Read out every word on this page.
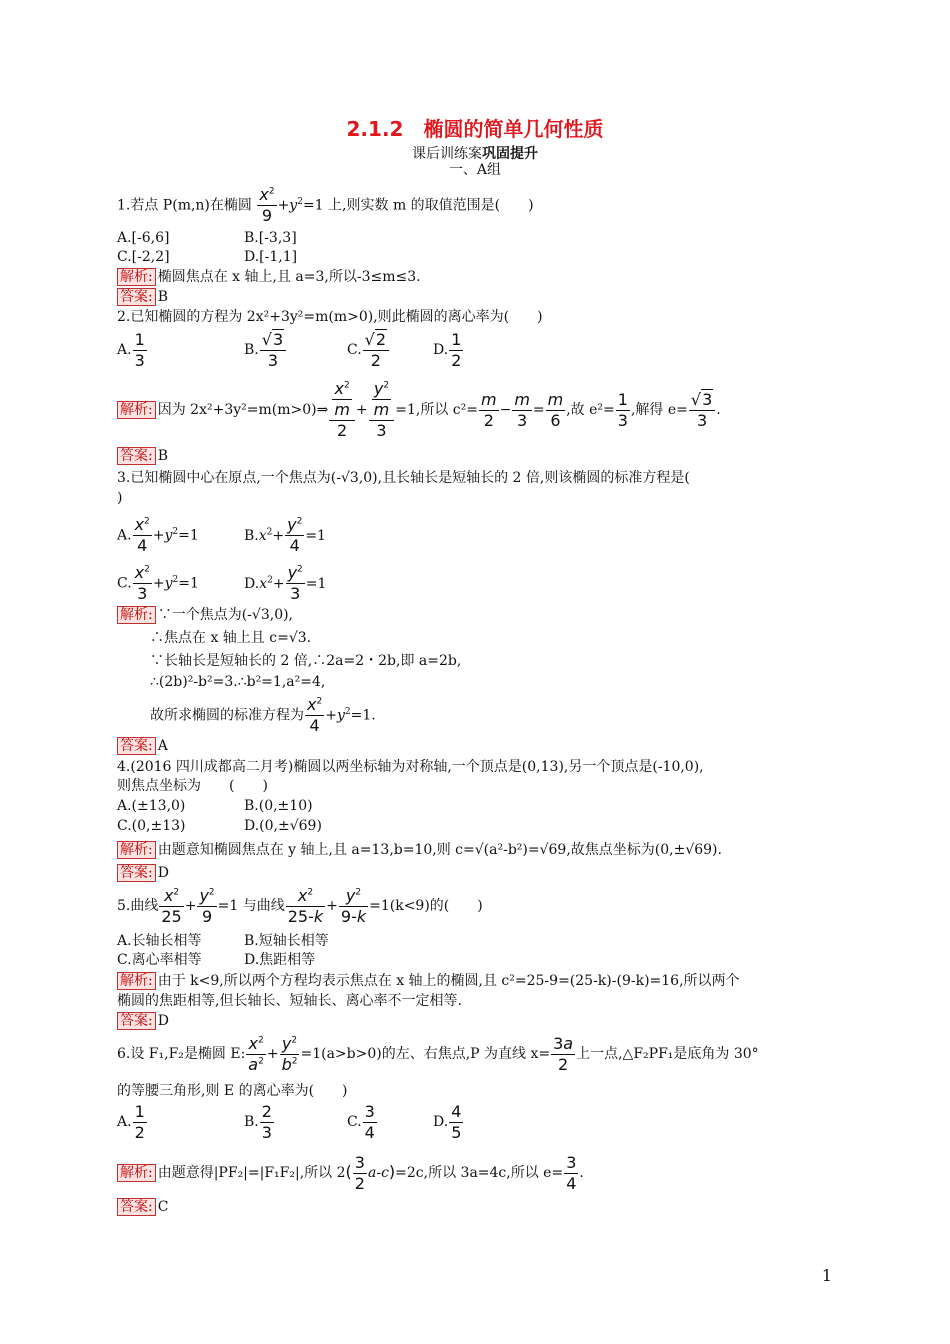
2.1.2　椭圆的简单几何性质
课后训练案巩固提升
一、A组
1.若点 P(m,n)在椭圆 $\frac{x^2}{9} +y^2=1$ 上,则实数 m 的取值范围是(　　)
A.[-6,6]	B.[-3,3]
C.[-2,2]	D.[-1,1]
解析: 椭圆焦点在 x 轴上,且 a=3,所以-3≤m≤3.
答案: B
2.已知椭圆的方程为 2x²+3y²=m(m>0),则此椭圆的离心率为(　　)
A. $\frac{1}{3}$	B. $\frac{√3}{3}$	C. $\frac{√2}{2}$	D. $\frac{1}{2}$
解析: 因为 2x²+3y²=m(m>0)⇒ $\frac{\frac{x^2}{m}}{2} + \frac{\frac{y^2}{m}}{3} =1$,所以 $c^2= \frac{m}{2} - \frac{m}{3} = \frac{m}{6}$ ,故 $e^2= \frac{1}{3}$ ,解得 $e= \frac{√3}{3}$ .
答案: B
3.已知椭圆中心在原点,一个焦点为(-√3,0),且长轴长是短轴长的 2 倍,则该椭圆的标准方程是(
)
A. $\frac{x^2}{4} +y^2=1$	$B.x^2+ \frac{y^2}{4} =1$
C. $\frac{x^2}{3} +y^2=1$	$D.x^2+ \frac{y^2}{3} =1$
解析: ∵一个焦点为(-√3,0),
∴焦点在 x 轴上且 c=√3.
∵长轴长是短轴长的 2 倍,∴2a=2・2b,即 a=2b,
∴(2b)²-b²=3.∴b²=1,a²=4,
故所求椭圆的标准方程为 $\frac{x^2}{4} +y^2=1$.
答案: A
4.(2016 四川成都高二月考)椭圆以两坐标轴为对称轴,一个顶点是(0,13),另一个顶点是(-10,0),
则焦点坐标为　　(　　)
A.(±13,0)	B.(0,±10)
C.(0,±13)	D.(0,±√69)
解析: 由题意知椭圆焦点在 y 轴上,且 a=13,b=10,则 c=√(a²-b²)=√69,故焦点坐标为(0,±√69).
答案: D
5.曲线 $\frac{x^2}{25} + \frac{y^2}{9} =1$ 与曲线 $\frac{x^2}{25-k} + \frac{y^2}{9-k} =1(k<9)$的(　　)
A.长轴长相等	B.短轴长相等
C.离心率相等	D.焦距相等
解析: 由于 k<9,所以两个方程均表示焦点在 x 轴上的椭圆,且 c²=25-9=(25-k)-(9-k)=16,所以两个
椭圆的焦距相等,但长轴长、短轴长、离心率不一定相等.
答案: D
6.设 F₁,F₂是椭圆 E: $\frac{x^2}{a^2} + \frac{y^2}{b^2} =1(a>b>0)$的左、右焦点,P 为直线 $x= \frac{3a}{2}$ 上一点,△F₂PF₁是底角为 30°
的等腰三角形,则 E 的离心率为(　　)
A. $\frac{1}{2}$	B. $\frac{2}{3}$	C. $\frac{3}{4}$	D. $\frac{4}{5}$
解析: 由题意得|PF₂|=|F₁F₂|,所以 $2( \frac{3}{2} a-c)=2c$,所以 3a=4c,所以 $e= \frac{3}{4}$ .
答案: C
1
